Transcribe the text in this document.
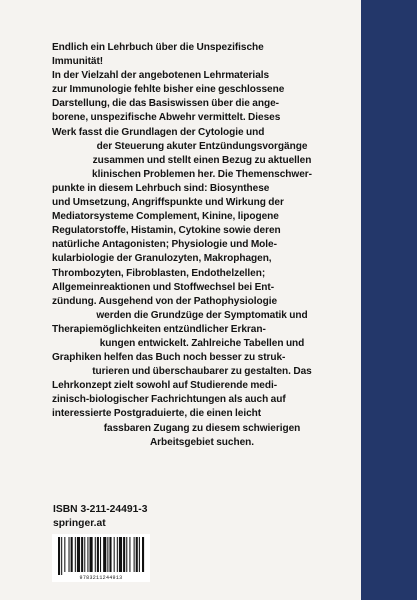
Endlich ein Lehrbuch über die Unspezifische
Immunität!
In der Vielzahl der angebotenen Lehrmaterials
zur Immunologie fehlte bisher eine geschlossene
Darstellung, die das Basiswissen über die ange-
borene, unspezifische Abwehr vermittelt. Dieses
Werk fasst die Grundlagen der Cytologie und
der Steuerung akuter Entzündungsvorgänge
zusammen und stellt einen Bezug zu aktuellen
klinischen Problemen her. Die Themenschwer-
punkte in diesem Lehrbuch sind: Biosynthese
und Umsetzung, Angriffspunkte und Wirkung der
Mediatorsysteme Complement, Kinine, lipogene
Regulatorstoffe, Histamin, Cytokine sowie deren
natürliche Antagonisten; Physiologie und Mole-
kularbiologie der Granulozyten, Makrophagen,
Thrombozyten, Fibroblasten, Endothelzellen;
Allgemeinreaktionen und Stoffwechsel bei Ent-
zündung. Ausgehend von der Pathophysiologie
werden die Grundzüge der Symptomatik und
Therapiemöglichkeiten entzündlicher Erkran-
kungen entwickelt. Zahlreiche Tabellen und
Graphiken helfen das Buch noch besser zu struk-
turieren und überschaubarer zu gestalten. Das
Lehrkonzept zielt sowohl auf Studierende medi-
zinisch-biologischer Fachrichtungen als auch auf
interessierte Postgraduierte, die einen leicht
fassbaren Zugang zu diesem schwierigen
Arbeitsgebiet suchen.
ISBN 3-211-24491-3
springer.at
9783211244913
